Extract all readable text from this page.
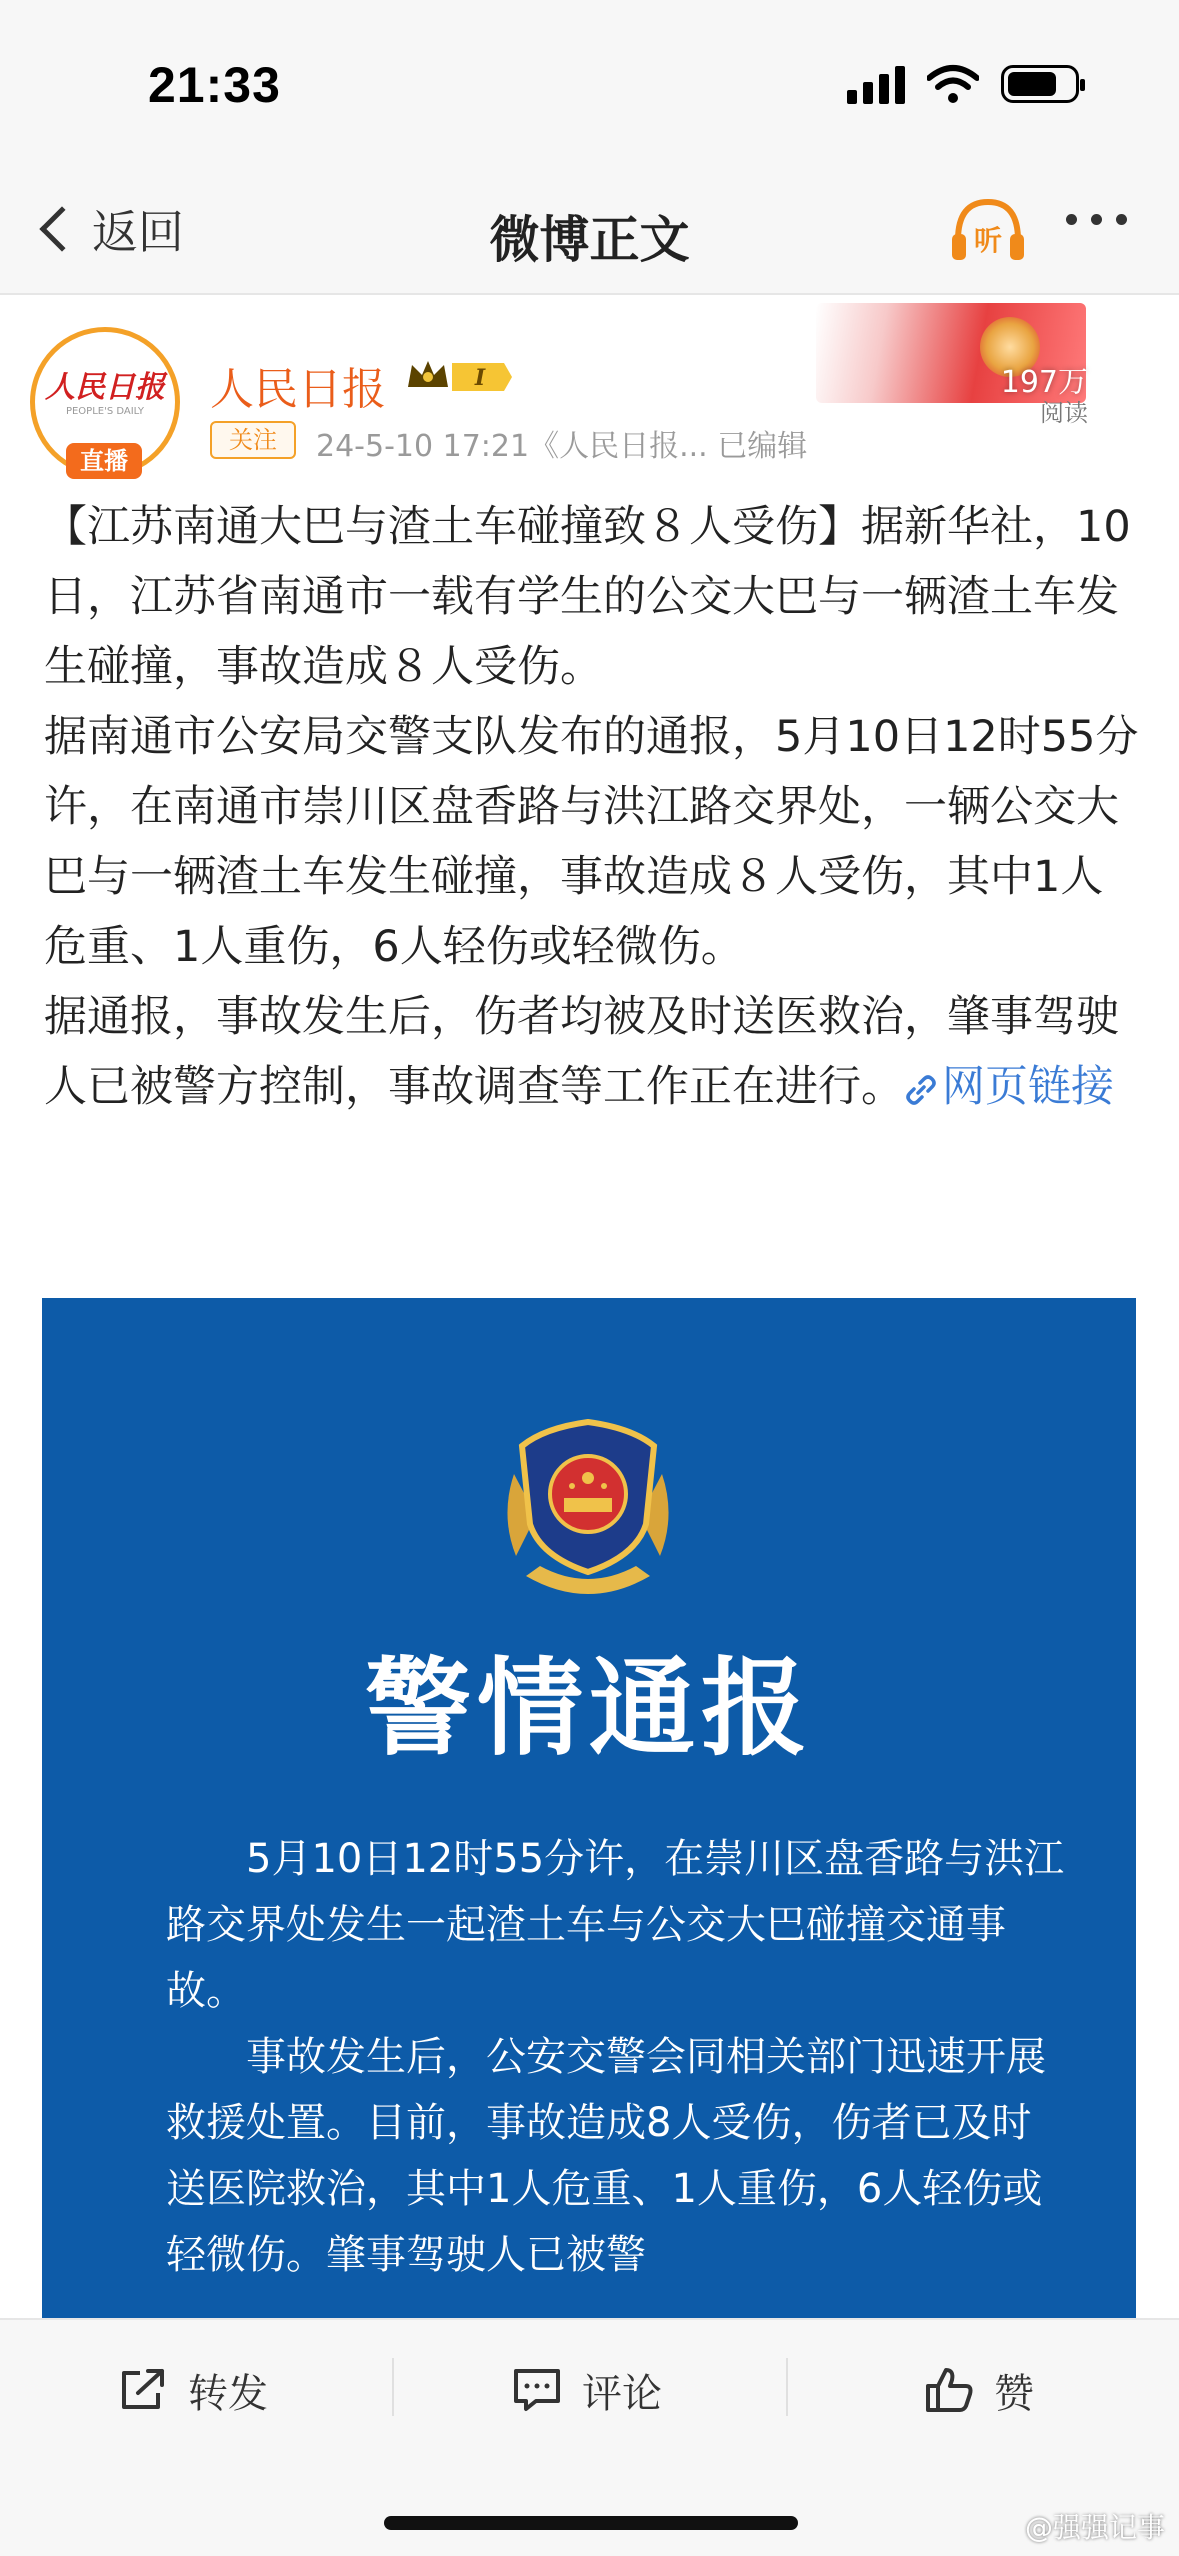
21:33
返回	微博正文	听
人民日报
PEOPLE'S DAILY
直播
人民日报	I
关注	24-5-10 17:21《人民日报... 已编辑
197万
阅读

【江苏南通大巴与渣土车碰撞致８人受伤】据新华社，10日，江苏省南通市一载有学生的公交大巴与一辆渣土车发生碰撞，事故造成８人受伤。

据南通市公安局交警支队发布的通报，5月10日12时55分许，在南通市崇川区盘香路与洪江路交界处，一辆公交大巴与一辆渣土车发生碰撞，事故造成８人受伤，其中1人危重、1人重伤，6人轻伤或轻微伤。

据通报，事故发生后，伤者均被及时送医救治，肇事驾驶人已被警方控制，事故调查等工作正在进行。 网页链接

警情通报

5月10日12时55分许，在崇川区盘香路与洪江路交界处发生一起渣土车与公交大巴碰撞交通事故。

事故发生后，公安交警会同相关部门迅速开展救援处置。目前，事故造成8人受伤，伤者已及时送医院救治，其中1人危重、1人重伤，6人轻伤或轻微伤。肇事驾驶人已被警

转发	评论	赞
@强强记事
